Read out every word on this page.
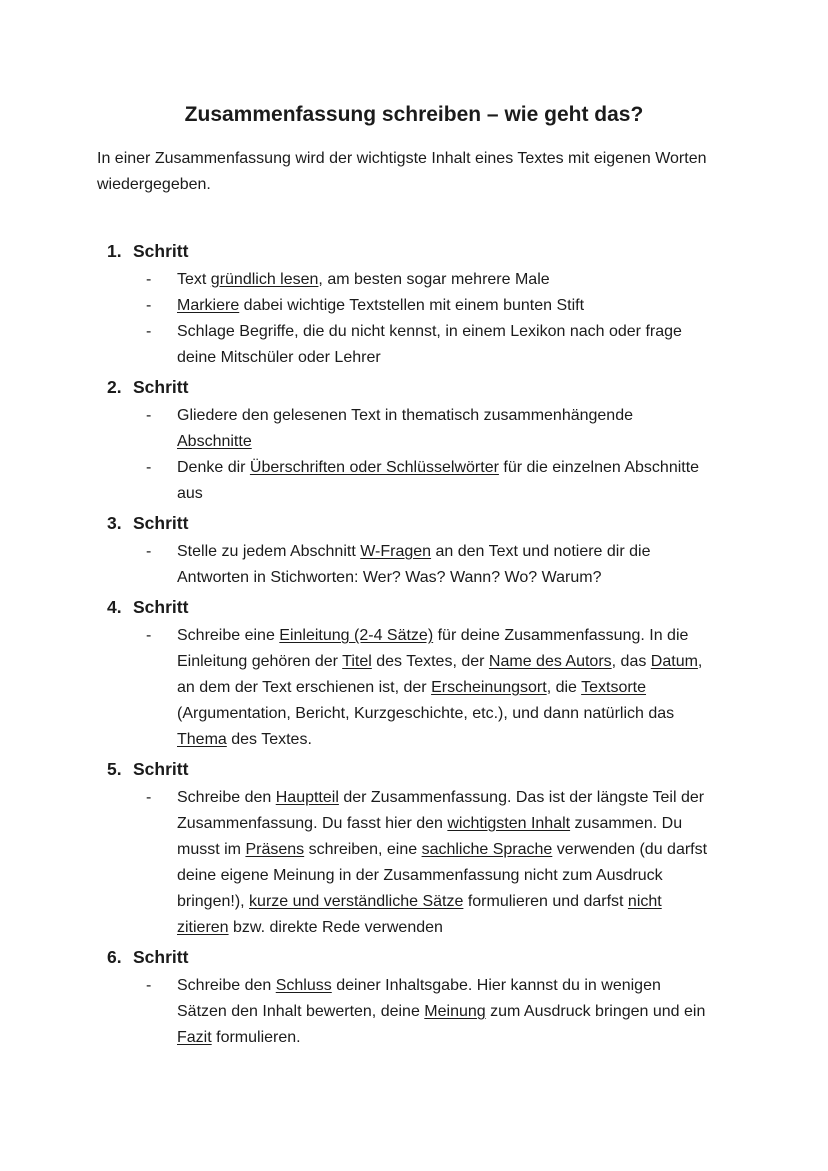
Zusammenfassung schreiben – wie geht das?

In einer Zusammenfassung wird der wichtigste Inhalt eines Textes mit eigenen Worten wiedergegeben.

1. Schritt
-	Text gründlich lesen, am besten sogar mehrere Male
-	Markiere dabei wichtige Textstellen mit einem bunten Stift
-	Schlage Begriffe, die du nicht kennst, in einem Lexikon nach oder frage deine Mitschüler oder Lehrer
2. Schritt
-	Gliedere den gelesenen Text in thematisch zusammenhängende Abschnitte
-	Denke dir Überschriften oder Schlüsselwörter für die einzelnen Abschnitte aus
3. Schritt
-	Stelle zu jedem Abschnitt W-Fragen an den Text und notiere dir die Antworten in Stichworten: Wer? Was? Wann? Wo? Warum?
4. Schritt
-	Schreibe eine Einleitung (2-4 Sätze) für deine Zusammenfassung. In die Einleitung gehören der Titel des Textes, der Name des Autors, das Datum, an dem der Text erschienen ist, der Erscheinungsort, die Textsorte (Argumentation, Bericht, Kurzgeschichte, etc.), und dann natürlich das Thema des Textes.
5. Schritt
-	Schreibe den Hauptteil der Zusammenfassung. Das ist der längste Teil der Zusammenfassung. Du fasst hier den wichtigsten Inhalt zusammen. Du musst im Präsens schreiben, eine sachliche Sprache verwenden (du darfst deine eigene Meinung in der Zusammenfassung nicht zum Ausdruck bringen!), kurze und verständliche Sätze formulieren und darfst nicht zitieren bzw. direkte Rede verwenden
6. Schritt
-	Schreibe den Schluss deiner Inhaltsgabe. Hier kannst du in wenigen Sätzen den Inhalt bewerten, deine Meinung zum Ausdruck bringen und ein Fazit formulieren.
